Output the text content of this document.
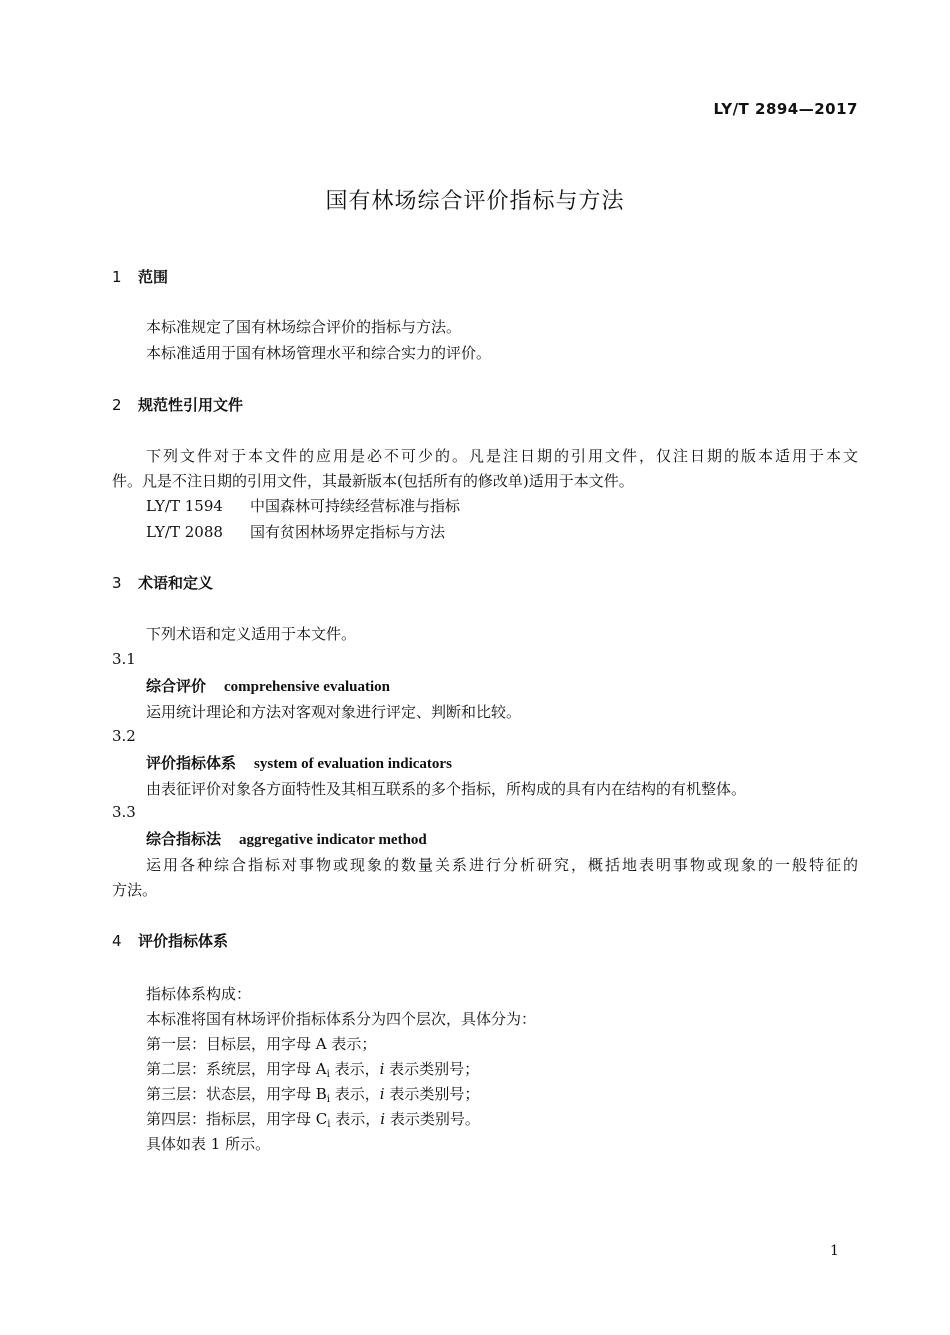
LY/T 2894—2017
国有林场综合评价指标与方法
1 范围
本标准规定了国有林场综合评价的指标与方法。
本标准适用于国有林场管理水平和综合实力的评价。
2 规范性引用文件
下列文件对于本文件的应用是必不可少的。凡是注日期的引用文件，仅注日期的版本适用于本文
件。凡是不注日期的引用文件，其最新版本(包括所有的修改单)适用于本文件。
LY/T 1594 中国森林可持续经营标准与指标
LY/T 2088 国有贫困林场界定指标与方法
3 术语和定义
下列术语和定义适用于本文件。
3.1
综合评价 comprehensive evaluation
运用统计理论和方法对客观对象进行评定、判断和比较。
3.2
评价指标体系 system of evaluation indicators
由表征评价对象各方面特性及其相互联系的多个指标，所构成的具有内在结构的有机整体。
3.3
综合指标法 aggregative indicator method
运用各种综合指标对事物或现象的数量关系进行分析研究，概括地表明事物或现象的一般特征的
方法。
4 评价指标体系
指标体系构成：
本标准将国有林场评价指标体系分为四个层次，具体分为：
第一层：目标层，用字母 A 表示；
第二层：系统层，用字母 $A_i$ 表示，i 表示类别号；
第三层：状态层，用字母 $B_i$ 表示，i 表示类别号；
第四层：指标层，用字母 $C_i$ 表示，i 表示类别号。
具体如表 1 所示。
1
